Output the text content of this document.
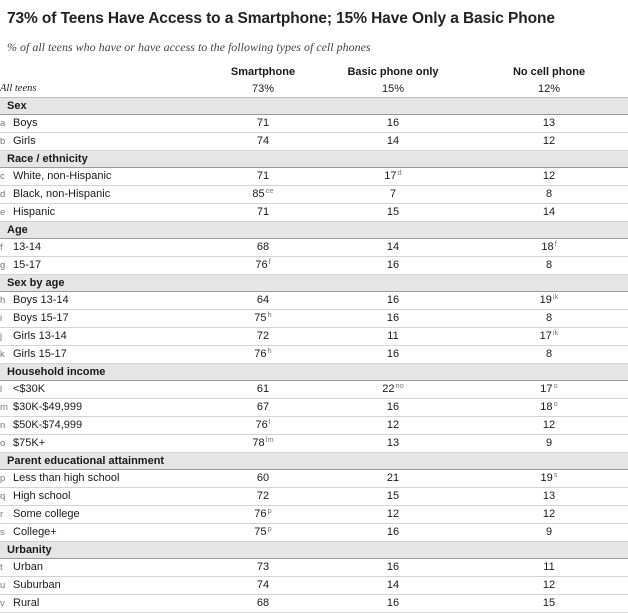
73% of Teens Have Access to a Smartphone; 15% Have Only a Basic Phone
% of all teens who have or have access to the following types of cell phones
	Smartphone	Basic phone only	No cell phone
All teens	73%	15%	12%
Sex			
a Boys	71	16	13
b Girls	74	14	12
Race / ethnicity			
c White, non-Hispanic	71	17$^d$	12
d Black, non-Hispanic	85$^{ce}$	7	8
e Hispanic	71	15	14
Age			
f 13-14	68	14	18$^f$
g 15-17	76$^f$	16	8
Sex by age			
h Boys 13-14	64	16	19$^{ik}$
i Boys 15-17	75$^h$	16	8
j Girls 13-14	72	11	17$^{ik}$
k Girls 15-17	76$^h$	16	8
Household income			
l <$30K	61	22$^{no}$	17$^o$
m $30K-$49,999	67	16	18$^o$
n $50K-$74,999	76$^l$	12	12
o $75K+	78$^{lm}$	13	9
Parent educational attainment			
p Less than high school	60	21	19$^s$
q High school	72	15	13
r Some college	76$^p$	12	12
s College+	75$^p$	16	9
Urbanity			
t Urban	73	16	11
u Suburban	74	14	12
v Rural	68	16	15
